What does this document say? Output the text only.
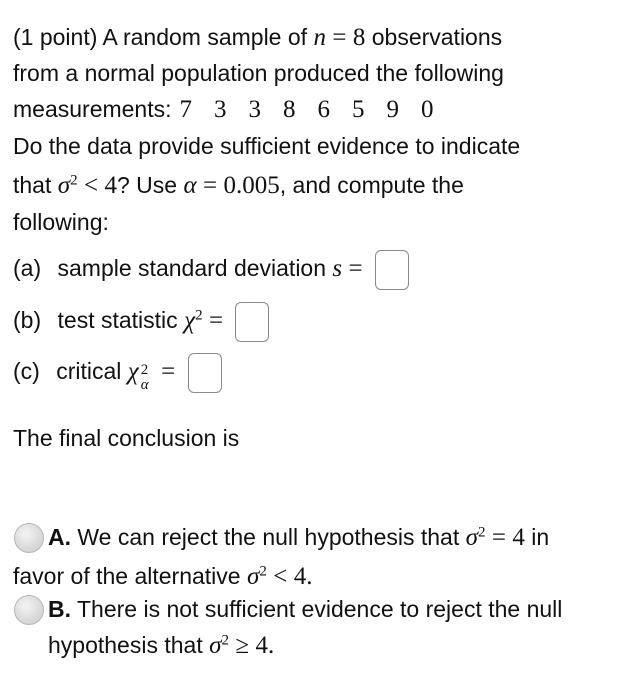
(1 point) A random sample of n = 8 observations
from a normal population produced the following
measurements: 7 3 3 8 6 5 9 0
Do the data provide sufficient evidence to indicate
that $\sigma^2 < 4$? Use α = 0.005, and compute the
following:
(a) sample standard deviation s =
(b) test statistic $\chi^2$ =
(c) critical χ 2
α =
The final conclusion is
A. We can reject the null hypothesis that $\sigma^2 = 4$ in
favor of the alternative $\sigma^2 < 4$.
B. There is not sufficient evidence to reject the null
hypothesis that $\sigma^2 \ge 4$.
